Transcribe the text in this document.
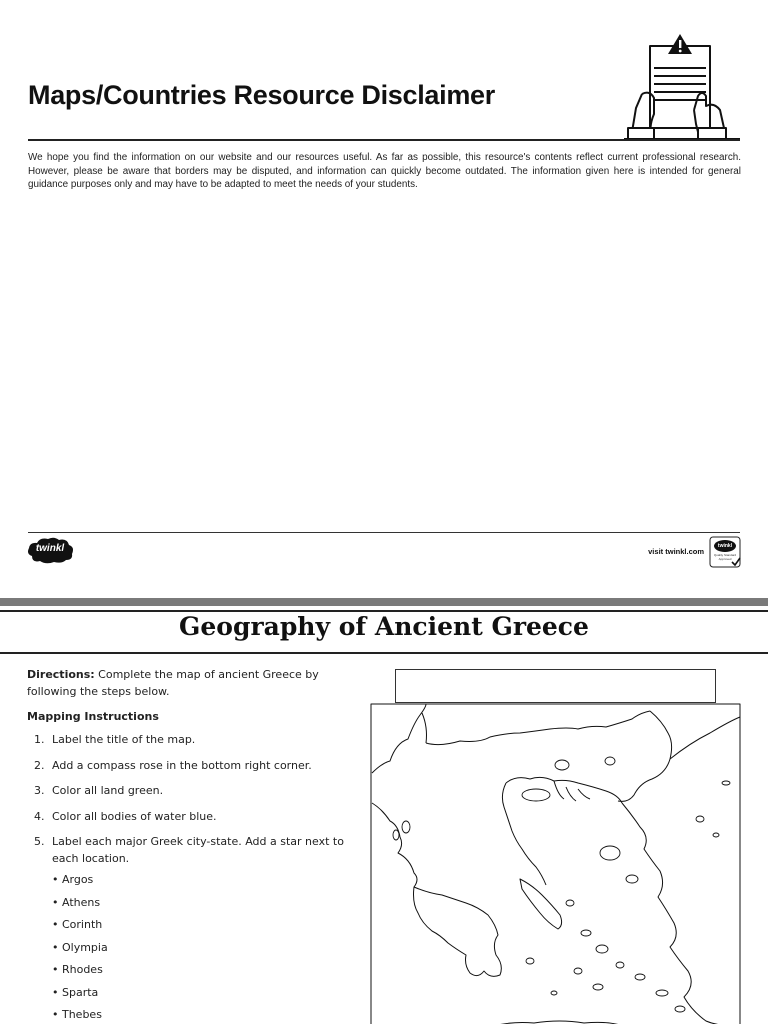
Maps/Countries Resource Disclaimer

We hope you find the information on our website and our resources useful. As far as possible, this resource's contents reflect current professional research. However, please be aware that borders may be disputed, and information can quickly become outdated. The information given here is intended for general guidance purposes only and may have to be adapted to meet the needs of your students.

twinkl	visit twinkl.com
twinkl
Quality Standard Approved
Geography of Ancient Greece

Directions: Complete the map of ancient Greece by following the steps below.

Mapping Instructions

1. Label the title of the map.
2. Add a compass rose in the bottom right corner.
3. Color all land green.
4. Color all bodies of water blue.
5. Label each major Greek city-state. Add a star next to each location.
• Argos
• Athens
• Corinth
• Olympia
• Rhodes
• Sparta
• Thebes
